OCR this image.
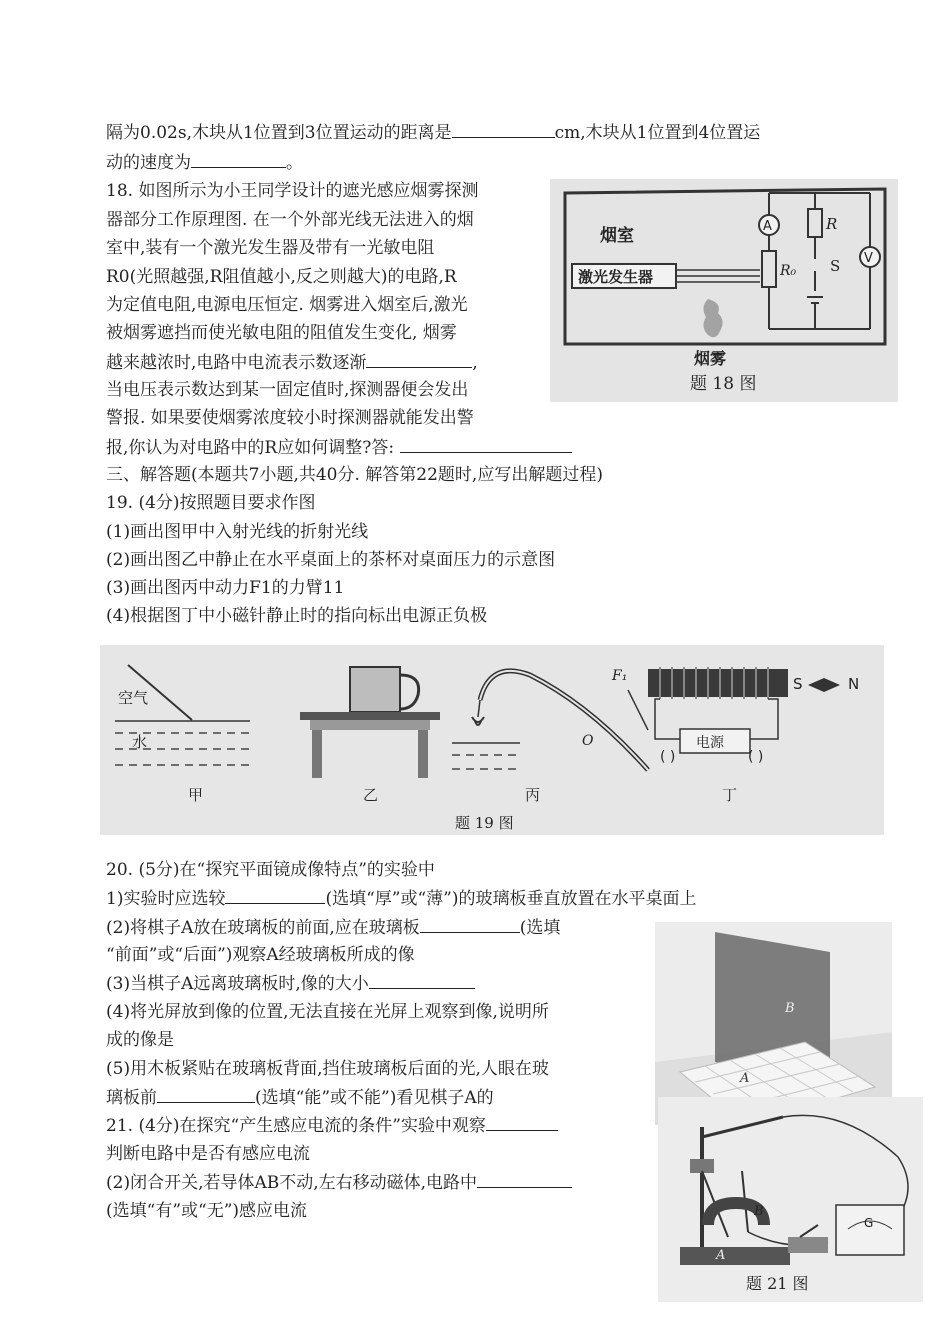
隔为0.02s,木块从1位置到3位置运动的距离是	cm,木块从1位置到4位置运
动的速度为	。
18. 如图所示为小王同学设计的遮光感应烟雾探测
器部分工作原理图. 在一个外部光线无法进入的烟
室中,装有一个激光发生器及带有一光敏电阻
R0(光照越强,R阻值越小,反之则越大)的电路,R
为定值电阻,电源电压恒定. 烟雾进入烟室后,激光
被烟雾遮挡而使光敏电阻的阻值发生变化, 烟雾
越来越浓时,电路中电流表示数逐渐	,
当电压表示数达到某一固定值时,探测器便会发出
警报. 如果要使烟雾浓度较小时探测器就能发出警
报,你认为对电路中的R应如何调整?答:
烟室
激光发生器	R₀
A	R
S V
烟雾
题 18 图
三、解答题(本题共7小题,共40分. 解答第22题时,应写出解题过程)
19. (4分)按照题目要求作图
(1)画出图甲中入射光线的折射光线
(2)画出图乙中静止在水平桌面上的茶杯对桌面压力的示意图
(3)画出图丙中动力F1的力臂11
(4)根据图丁中小磁针静止时的指向标出电源正负极
空气
水
甲	乙
F₁
O
丙
S	N
电源
( )	( )
丁
题 19 图
20. (5分)在“探究平面镜成像特点”的实验中
1)实验时应选较	(选填“厚”或“薄”)的玻璃板垂直放置在水平桌面上
(2)将棋子A放在玻璃板的前面,应在玻璃板	(选填
“前面”或“后面”)观察A经玻璃板所成的像
(3)当棋子A远离玻璃板时,像的大小
(4)将光屏放到像的位置,无法直接在光屏上观察到像,说明所
成的像是
(5)用木板紧贴在玻璃板背面,挡住玻璃板后面的光,人眼在玻
璃板前	(选填“能”或不能”)看见棋子A的
B
A
21. (4分)在探究“产生感应电流的条件”实验中观察
判断电路中是否有感应电流
(2)闭合开关,若导体AB不动,左右移动磁体,电路中
(选填“有”或“无”)感应电流	B
A
G
题 21 图
